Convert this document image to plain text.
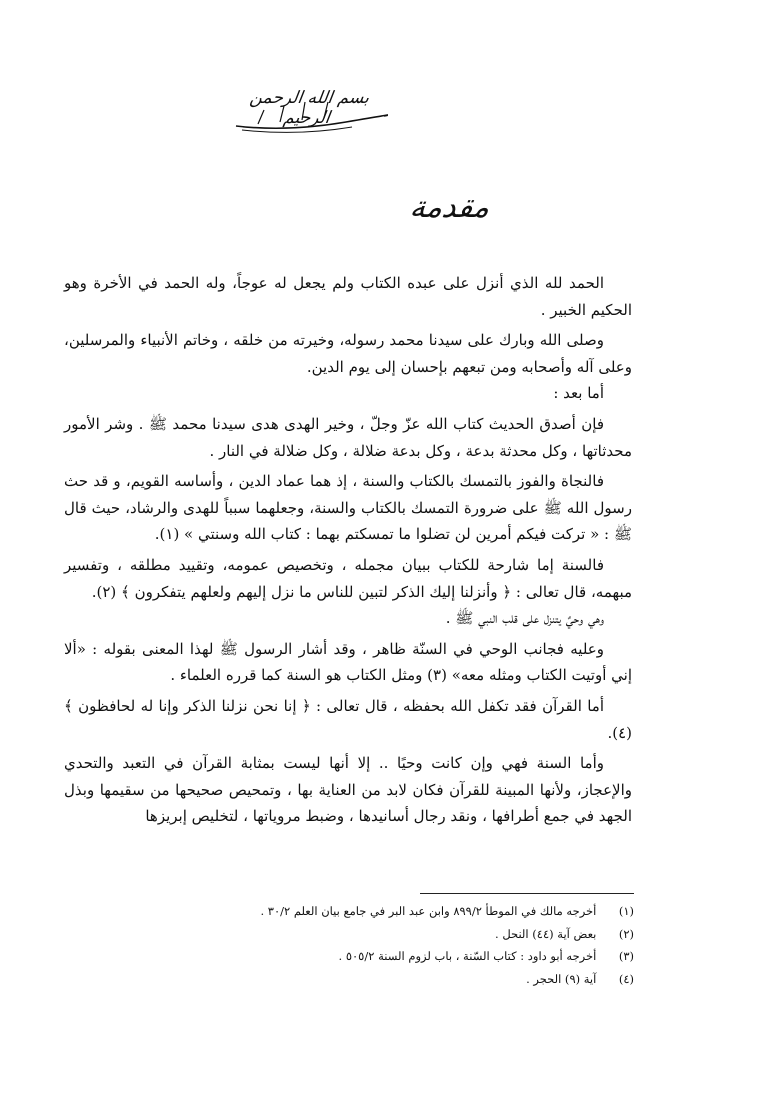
بسم الله الرحمن الرحيم
مقدمة

الحمد لله الذي أنزل على عبده الكتاب ولم يجعل له عوجاً، وله الحمد في الأخرة وهو الحكيم الخبير .

وصلى الله وبارك على سيدنا محمد رسوله، وخيرته من خلقه ، وخاتم الأنبياء والمرسلين، وعلى آله وأصحابه ومن تبعهم بإحسان إلى يوم الدين.

أما بعد :

فإن أصدق الحديث كتاب الله عزّ وجلّ ، وخير الهدى هدى سيدنا محمد ﷺ . وشر الأمور محدثاتها ، وكل محدثة بدعة ، وكل بدعة ضلالة ، وكل ضلالة في النار .

فالنجاة والفوز بالتمسك بالكتاب والسنة ، إذ هما عماد الدين ، وأساسه القويم، و قد حث رسول الله ﷺ على ضرورة التمسك بالكتاب والسنة، وجعلهما سبباً للهدى والرشاد، حيث قال ﷺ : « تركت فيكم أمرين لن تضلوا ما تمسكتم بهما : كتاب الله وسنتي » (١).

فالسنة إما شارحة للكتاب ببيان مجمله ، وتخصيص عمومه، وتقييد مطلقه ، وتفسير مبهمه، قال تعالى : ﴿ وأنزلنا إليك الذكر لتبين للناس ما نزل إليهم ولعلهم يتفكرون ﴾ (٢).

وهي وحيٌ يتنزل على قلب النبي ﷺ .

وعليه فجانب الوحي في السنّة ظاهر ، وقد أشار الرسول ﷺ لهذا المعنى بقوله : «ألا إني أوتيت الكتاب ومثله معه» (٣) ومثل الكتاب هو السنة كما قرره العلماء .

أما القرآن فقد تكفل الله بحفظه ، قال تعالى : ﴿ إنا نحن نزلنا الذكر وإنا له لحافظون ﴾ (٤).

وأما السنة فهي وإن كانت وحيًا .. إلا أنها ليست بمثابة القرآن في التعبد والتحدي والإعجاز، ولأنها المبينة للقرآن فكان لابد من العناية بها ، وتمحيص صحيحها من سقيمها وبذل الجهد في جمع أطرافها ، ونقد رجال أسانيدها ، وضبط مروياتها ، لتخليص إبريزها

(١) أخرجه مالك في الموطأ ٨٩٩/٢ وابن عبد البر في جامع بيان العلم ٣٠/٢ .
(٢) بعض آية (٤٤) النحل .
(٣) أخرجه أبو داود : كتاب السّنة ، باب لزوم السنة ٥٠٥/٢ .
(٤) آية (٩) الحجر .
